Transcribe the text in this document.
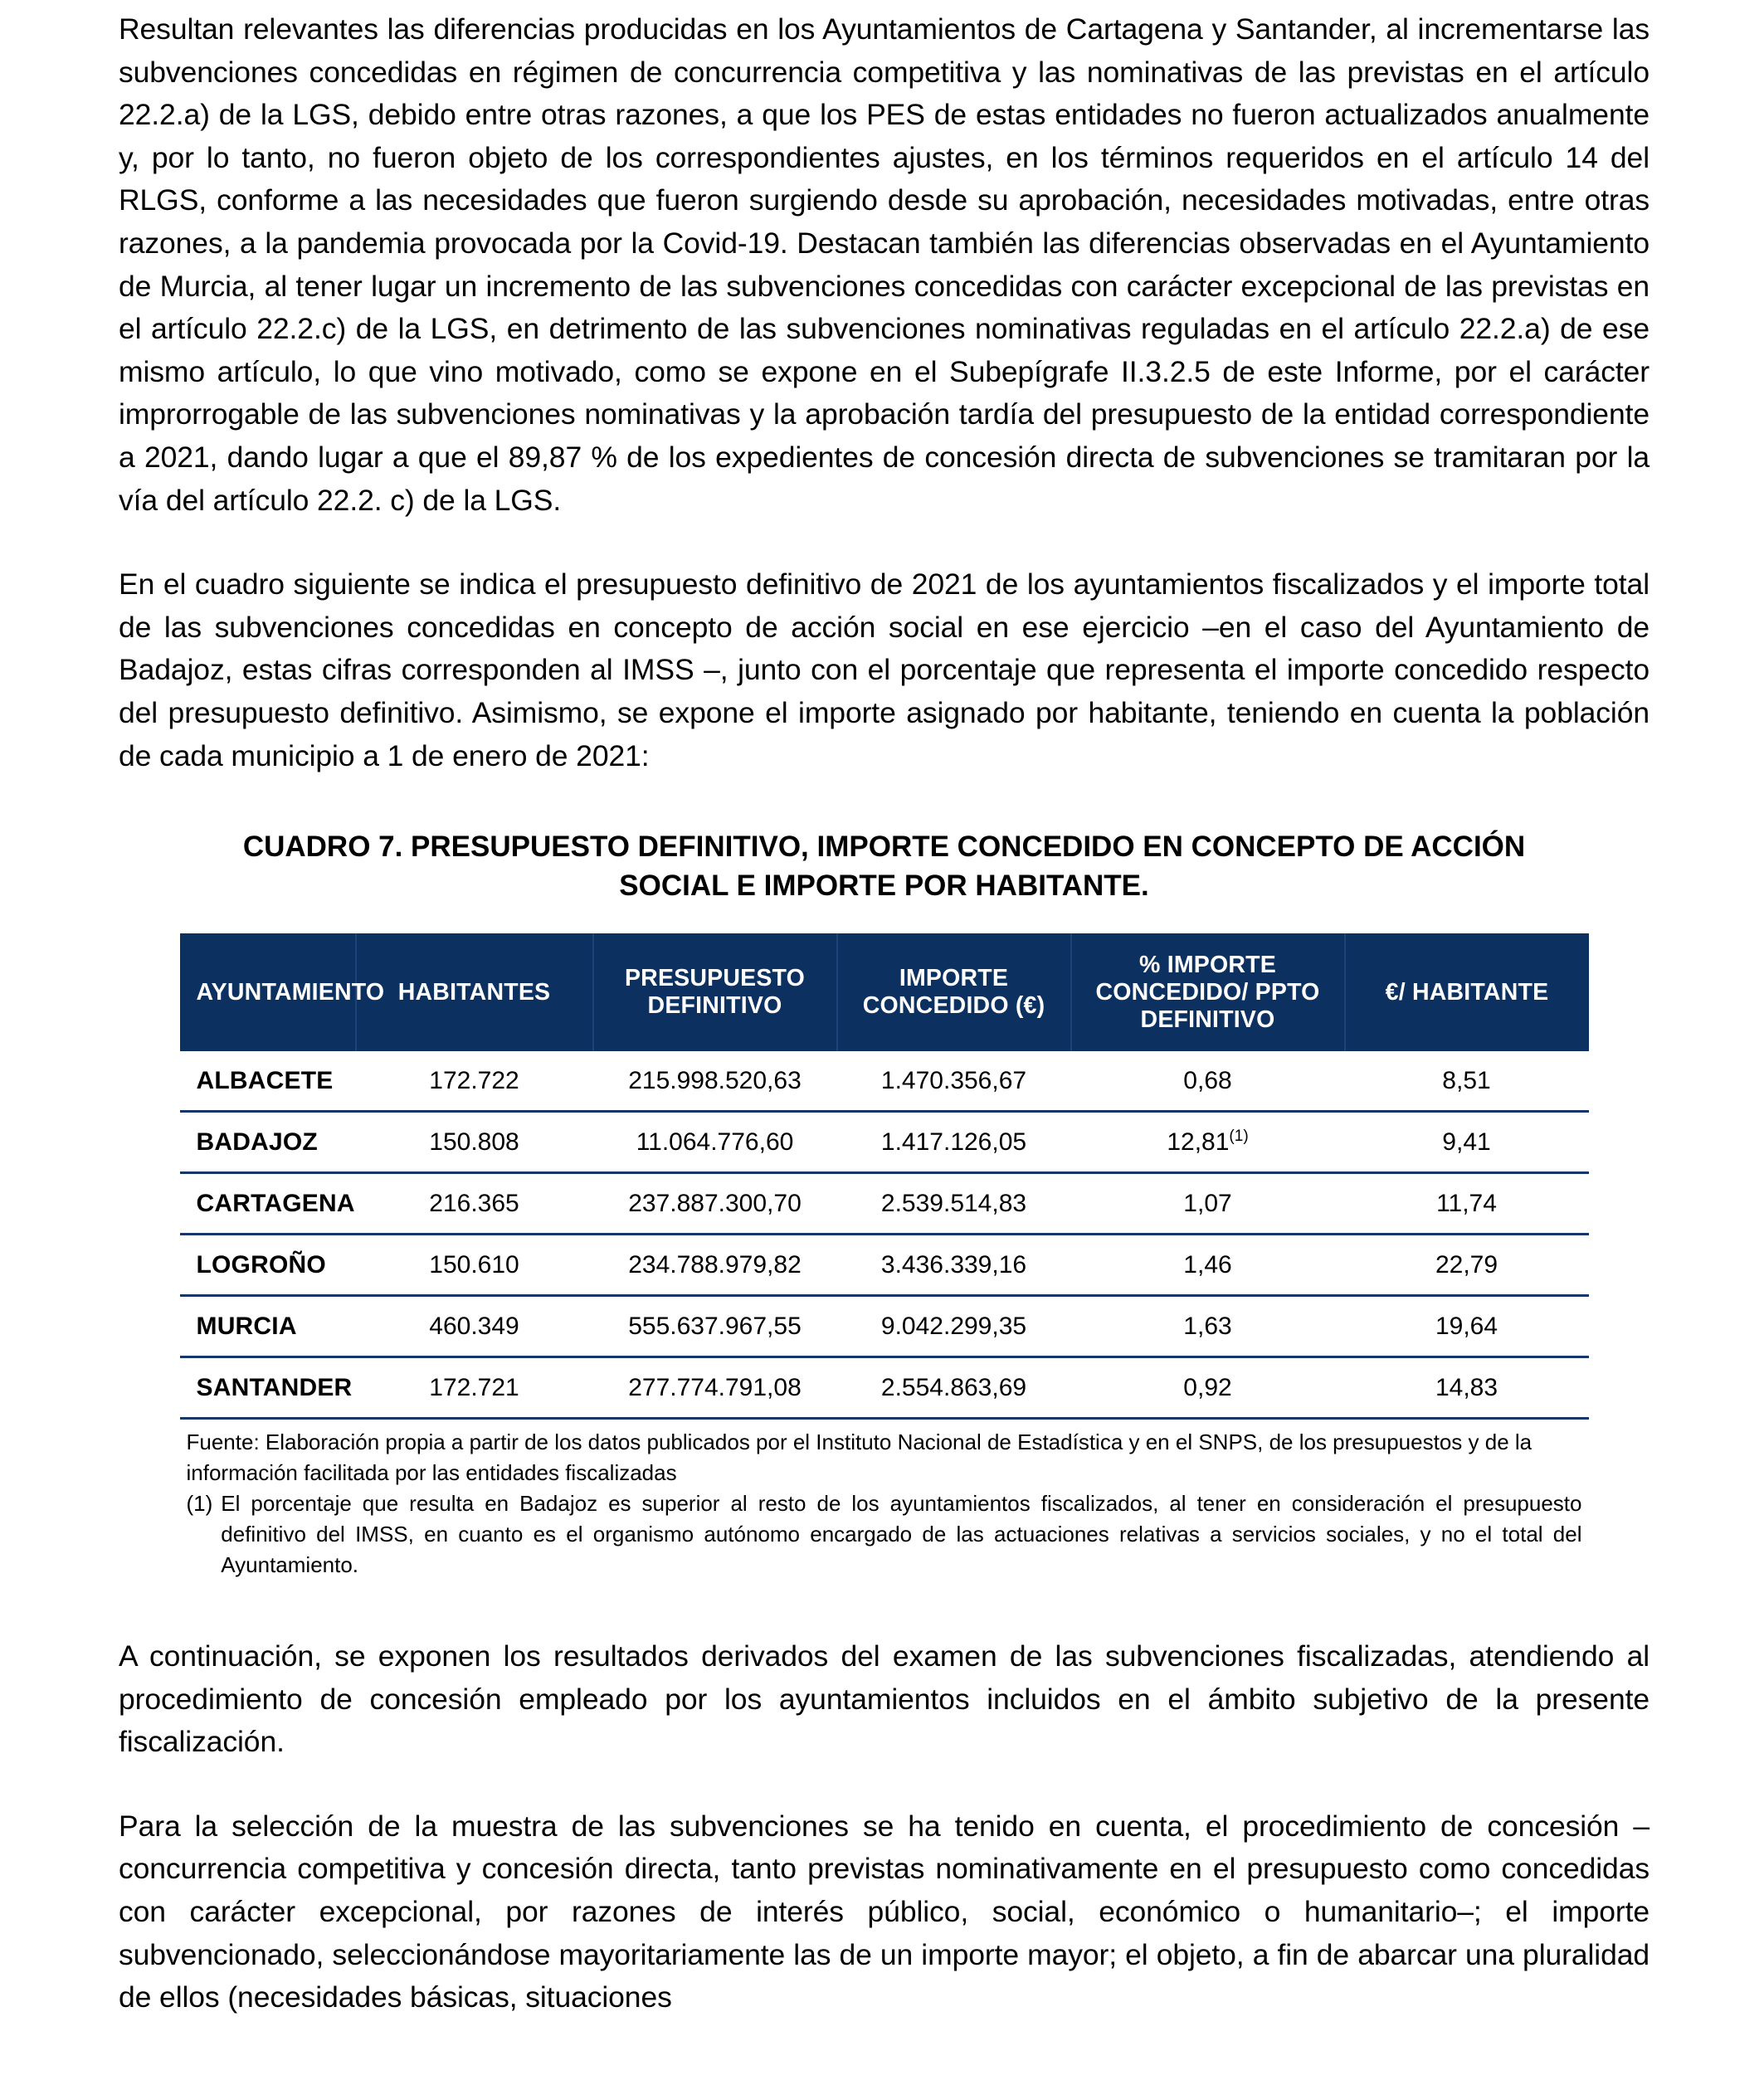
Resultan relevantes las diferencias producidas en los Ayuntamientos de Cartagena y Santander, al incrementarse las subvenciones concedidas en régimen de concurrencia competitiva y las nominativas de las previstas en el artículo 22.2.a) de la LGS, debido entre otras razones, a que los PES de estas entidades no fueron actualizados anualmente y, por lo tanto, no fueron objeto de los correspondientes ajustes, en los términos requeridos en el artículo 14 del RLGS, conforme a las necesidades que fueron surgiendo desde su aprobación, necesidades motivadas, entre otras razones, a la pandemia provocada por la Covid-19. Destacan también las diferencias observadas en el Ayuntamiento de Murcia, al tener lugar un incremento de las subvenciones concedidas con carácter excepcional de las previstas en el artículo 22.2.c) de la LGS, en detrimento de las subvenciones nominativas reguladas en el artículo 22.2.a) de ese mismo artículo, lo que vino motivado, como se expone en el Subepígrafe II.3.2.5 de este Informe, por el carácter improrrogable de las subvenciones nominativas y la aprobación tardía del presupuesto de la entidad correspondiente a 2021, dando lugar a que el 89,87 % de los expedientes de concesión directa de subvenciones se tramitaran por la vía del artículo 22.2. c) de la LGS.

En el cuadro siguiente se indica el presupuesto definitivo de 2021 de los ayuntamientos fiscalizados y el importe total de las subvenciones concedidas en concepto de acción social en ese ejercicio –en el caso del Ayuntamiento de Badajoz, estas cifras corresponden al IMSS –, junto con el porcentaje que representa el importe concedido respecto del presupuesto definitivo. Asimismo, se expone el importe asignado por habitante, teniendo en cuenta la población de cada municipio a 1 de enero de 2021:

CUADRO 7. PRESUPUESTO DEFINITIVO, IMPORTE CONCEDIDO EN CONCEPTO DE ACCIÓN SOCIAL E IMPORTE POR HABITANTE.
AYUNTAMIENTO	HABITANTES	PRESUPUESTO DEFINITIVO	IMPORTE CONCEDIDO (€)	% IMPORTE CONCEDIDO/ PPTO DEFINITIVO	€/ HABITANTE
ALBACETE	172.722	215.998.520,63	1.470.356,67	0,68	8,51
BADAJOZ	150.808	11.064.776,60	1.417.126,05	12,81$^{(1)}$	9,41
CARTAGENA	216.365	237.887.300,70	2.539.514,83	1,07	11,74
LOGROÑO	150.610	234.788.979,82	3.436.339,16	1,46	22,79
MURCIA	460.349	555.637.967,55	9.042.299,35	1,63	19,64
SANTANDER	172.721	277.774.791,08	2.554.863,69	0,92	14,83
Fuente: Elaboración propia a partir de los datos publicados por el Instituto Nacional de Estadística y en el SNPS, de los presupuestos y de la información facilitada por las entidades fiscalizadas
(1) El porcentaje que resulta en Badajoz es superior al resto de los ayuntamientos fiscalizados, al tener en consideración el presupuesto definitivo del IMSS, en cuanto es el organismo autónomo encargado de las actuaciones relativas a servicios sociales, y no el total del Ayuntamiento.

A continuación, se exponen los resultados derivados del examen de las subvenciones fiscalizadas, atendiendo al procedimiento de concesión empleado por los ayuntamientos incluidos en el ámbito subjetivo de la presente fiscalización.

Para la selección de la muestra de las subvenciones se ha tenido en cuenta, el procedimiento de concesión –concurrencia competitiva y concesión directa, tanto previstas nominativamente en el presupuesto como concedidas con carácter excepcional, por razones de interés público, social, económico o humanitario–; el importe subvencionado, seleccionándose mayoritariamente las de un importe mayor; el objeto, a fin de abarcar una pluralidad de ellos (necesidades básicas, situaciones
